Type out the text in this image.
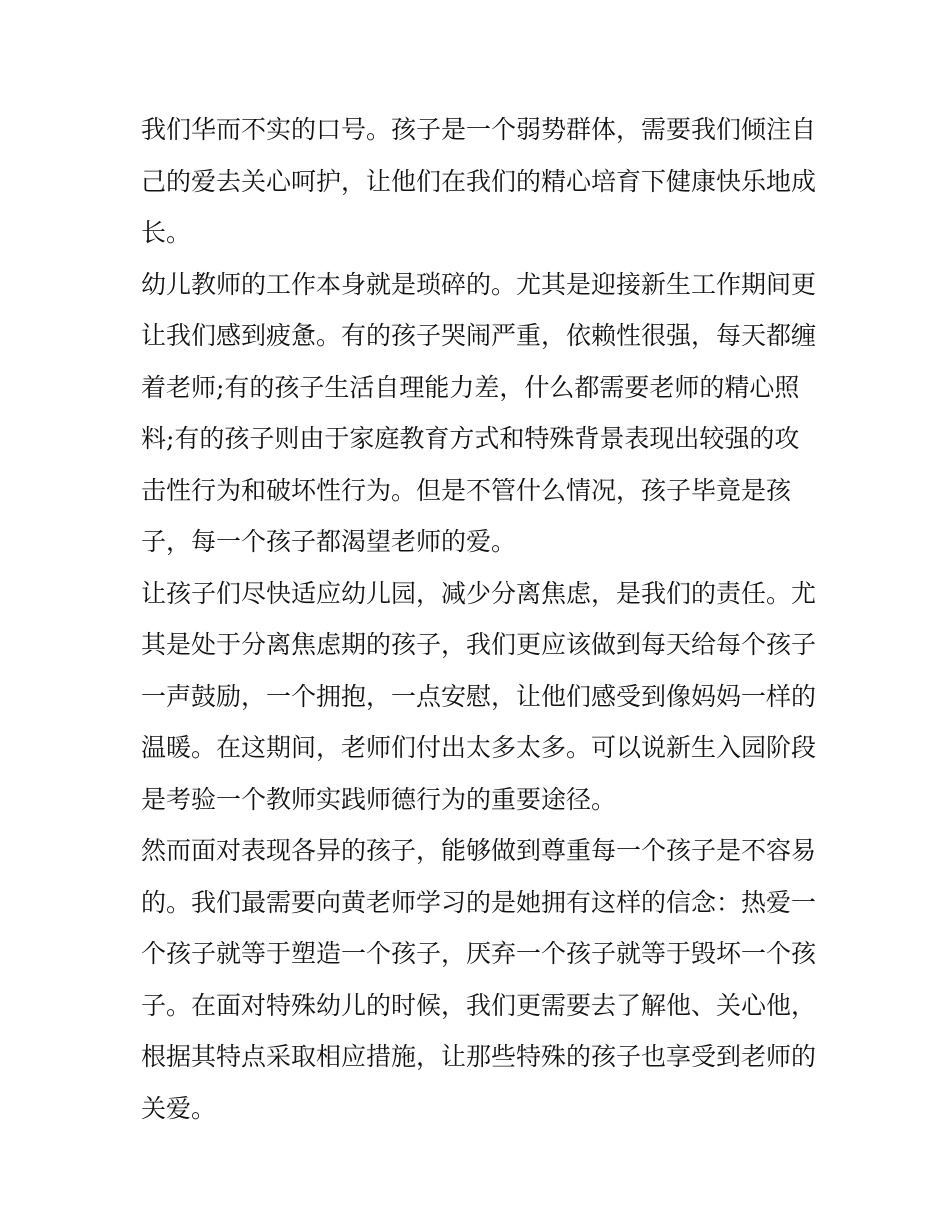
我们华而不实的口号。孩子是一个弱势群体，需要我们倾注自
己的爱去关心呵护，让他们在我们的精心培育下健康快乐地成
长。
幼儿教师的工作本身就是琐碎的。尤其是迎接新生工作期间更
让我们感到疲惫。有的孩子哭闹严重，依赖性很强，每天都缠
着老师;有的孩子生活自理能力差，什么都需要老师的精心照
料;有的孩子则由于家庭教育方式和特殊背景表现出较强的攻
击性行为和破坏性行为。但是不管什么情况，孩子毕竟是孩
子，每一个孩子都渴望老师的爱。
让孩子们尽快适应幼儿园，减少分离焦虑，是我们的责任。尤
其是处于分离焦虑期的孩子，我们更应该做到每天给每个孩子
一声鼓励，一个拥抱，一点安慰，让他们感受到像妈妈一样的
温暖。在这期间，老师们付出太多太多。可以说新生入园阶段
是考验一个教师实践师德行为的重要途径。
然而面对表现各异的孩子，能够做到尊重每一个孩子是不容易
的。我们最需要向黄老师学习的是她拥有这样的信念：热爱一
个孩子就等于塑造一个孩子，厌弃一个孩子就等于毁坏一个孩
子。在面对特殊幼儿的时候，我们更需要去了解他、关心他，
根据其特点采取相应措施，让那些特殊的孩子也享受到老师的
关爱。
